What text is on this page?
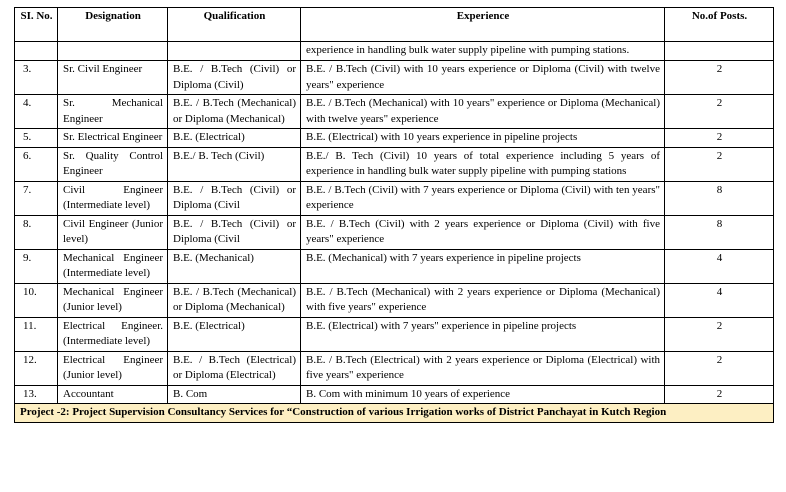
SI. No.	Designation	Qualification	Experience	No.of Posts.
			experience in handling bulk water supply pipeline with pumping stations.	
3.	Sr. Civil Engineer	B.E. / B.Tech (Civil) or Diploma (Civil)	B.E. / B.Tech (Civil) with 10 years experience or Diploma (Civil) with twelve years" experience	2
4.	Sr. Mechanical Engineer	B.E. / B.Tech (Mechanical) or Diploma (Mechanical)	B.E. / B.Tech (Mechanical) with 10 years" experience or Diploma (Mechanical) with twelve years" experience	2
5.	Sr. Electrical Engineer	B.E. (Electrical)	B.E. (Electrical) with 10 years experience in pipeline projects	2
6.	Sr. Quality Control Engineer	B.E./ B. Tech (Civil)	B.E./ B. Tech (Civil) 10 years of total experience including 5 years of experience in handling bulk water supply pipeline with pumping stations	2
7.	Civil Engineer (Intermediate level)	B.E. / B.Tech (Civil) or Diploma (Civil	B.E. / B.Tech (Civil) with 7 years experience or Diploma (Civil) with ten years" experience	8
8.	Civil Engineer (Junior level)	B.E. / B.Tech (Civil) or Diploma (Civil	B.E. / B.Tech (Civil) with 2 years experience or Diploma (Civil) with five years" experience	8
9.	Mechanical Engineer (Intermediate level)	B.E. (Mechanical)	B.E. (Mechanical) with 7 years experience in pipeline projects	4
10.	Mechanical Engineer (Junior level)	B.E. / B.Tech (Mechanical) or Diploma (Mechanical)	B.E. / B.Tech (Mechanical) with 2 years experience or Diploma (Mechanical) with five years" experience	4
11.	Electrical Engineer. (Intermediate level)	B.E. (Electrical)	B.E. (Electrical) with 7 years" experience in pipeline projects	2
12.	Electrical Engineer (Junior level)	B.E. / B.Tech (Electrical) or Diploma (Electrical)	B.E. / B.Tech (Electrical) with 2 years experience or Diploma (Electrical) with five years" experience	2
13.	Accountant	B. Com	B. Com with minimum 10 years of experience	2
Project -2: Project Supervision Consultancy Services for “Construction of various Irrigation works of District Panchayat in Kutch Region				
